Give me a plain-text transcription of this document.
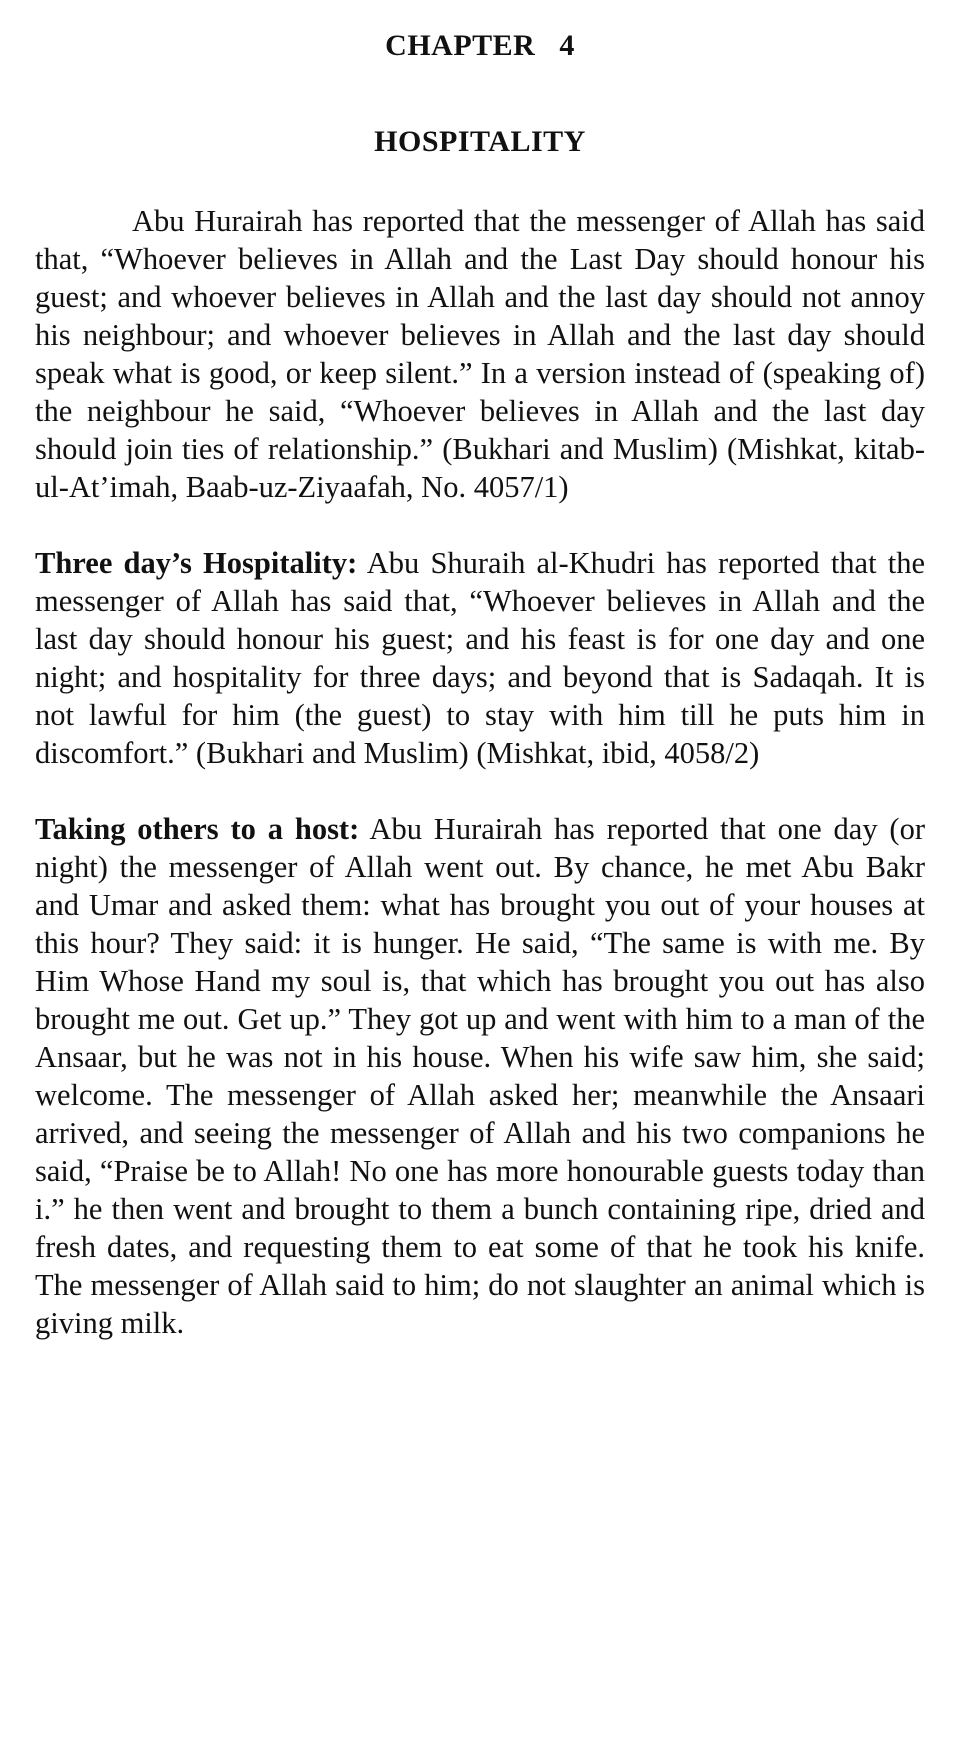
CHAPTER   4
HOSPITALITY

Abu Hurairah has reported that the messenger of Allah has said that, “Whoever believes in Allah and the Last Day should honour his guest; and whoever believes in Allah and the last day should not annoy his neighbour; and whoever believes in Allah and the last day should speak what is good, or keep silent.” In a version instead of (speaking of) the neighbour he said, “Whoever believes in Allah and the last day should join ties of relationship.” (Bukhari and Muslim) (Mishkat, kitab-ul-At’imah, Baab-uz-Ziyaafah, No. 4057/1)

Three day’s Hospitality: Abu Shuraih al-Khudri has reported that the messenger of Allah has said that, “Whoever believes in Allah and the last day should honour his guest; and his feast is for one day and one night; and hospitality for three days; and beyond that is Sadaqah. It is not lawful for him (the guest) to stay with him till he puts him in discomfort.” (Bukhari and Muslim) (Mishkat, ibid, 4058/2)

Taking others to a host: Abu Hurairah has reported that one day (or night) the messenger of Allah went out. By chance, he met Abu Bakr and Umar and asked them: what has brought you out of your houses at this hour? They said: it is hunger. He said, “The same is with me. By Him Whose Hand my soul is, that which has brought you out has also brought me out. Get up.” They got up and went with him to a man of the Ansaar, but he was not in his house. When his wife saw him, she said; welcome. The messenger of Allah asked her; meanwhile the Ansaari arrived, and seeing the messenger of Allah and his two companions he said, “Praise be to Allah! No one has more honourable guests today than i.” he then went and brought to them a bunch containing ripe, dried and fresh dates, and requesting them to eat some of that he took his knife. The messenger of Allah said to him; do not slaughter an animal which is giving milk.
